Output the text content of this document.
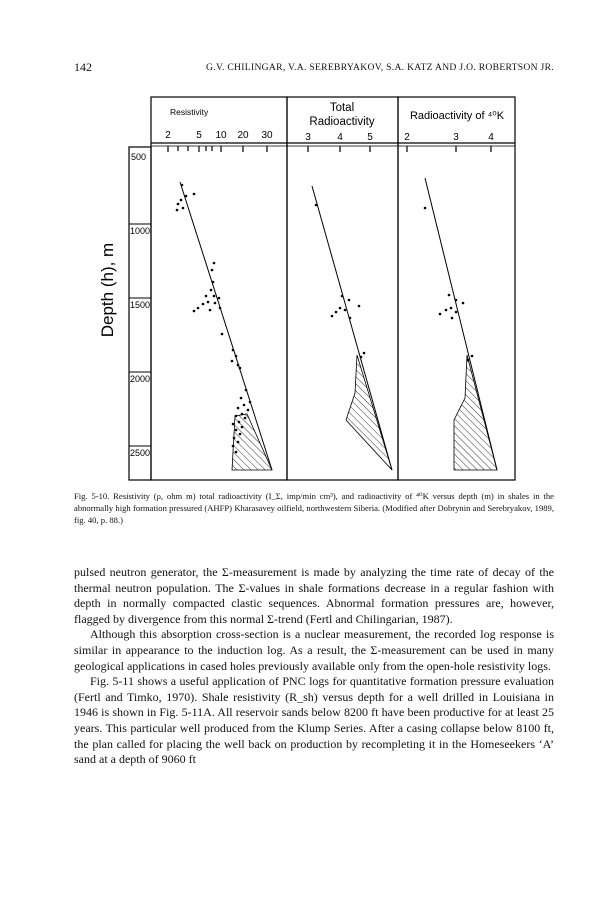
142	G.V. CHILINGAR, V.A. SEREBRYAKOV, S.A. KATZ AND J.O. ROBERTSON JR.
Depth (h), m
500
1000
1500
2000
2500
Resistivity
2	5 10 20 30
Total
Radioactivity
3	4 5
Radioactivity of ⁴⁰K
2	3	4
Fig. 5-10. Resistivity (ρ, ohm m) total radioactivity (I_Σ, imp/min cm³), and radioactivity of ⁴⁰K versus depth (m) in shales in the abnormally high formation pressured (AHFP) Kharasavey oilfield, northwestern Siberia. (Modified after Dobrynin and Serebryakov, 1989, fig. 40, p. 88.)

pulsed neutron generator, the Σ-measurement is made by analyzing the time rate of decay of the thermal neutron population. The Σ-values in shale formations decrease in a regular fashion with depth in normally compacted clastic sequences. Abnormal formation pressures are, however, flagged by divergence from this normal Σ-trend (Fertl and Chilingarian, 1987).

Although this absorption cross-section is a nuclear measurement, the recorded log response is similar in appearance to the induction log. As a result, the Σ-measurement can be used in many geological applications in cased holes previously available only from the open-hole resistivity logs.

Fig. 5-11 shows a useful application of PNC logs for quantitative formation pressure evaluation (Fertl and Timko, 1970). Shale resistivity (R_sh) versus depth for a well drilled in Louisiana in 1946 is shown in Fig. 5-11A. All reservoir sands below 8200 ft have been productive for at least 25 years. This particular well produced from the Klump Series. After a casing collapse below 8100 ft, the plan called for placing the well back on production by recompleting it in the Homeseekers ‘A’ sand at a depth of 9060 ft
